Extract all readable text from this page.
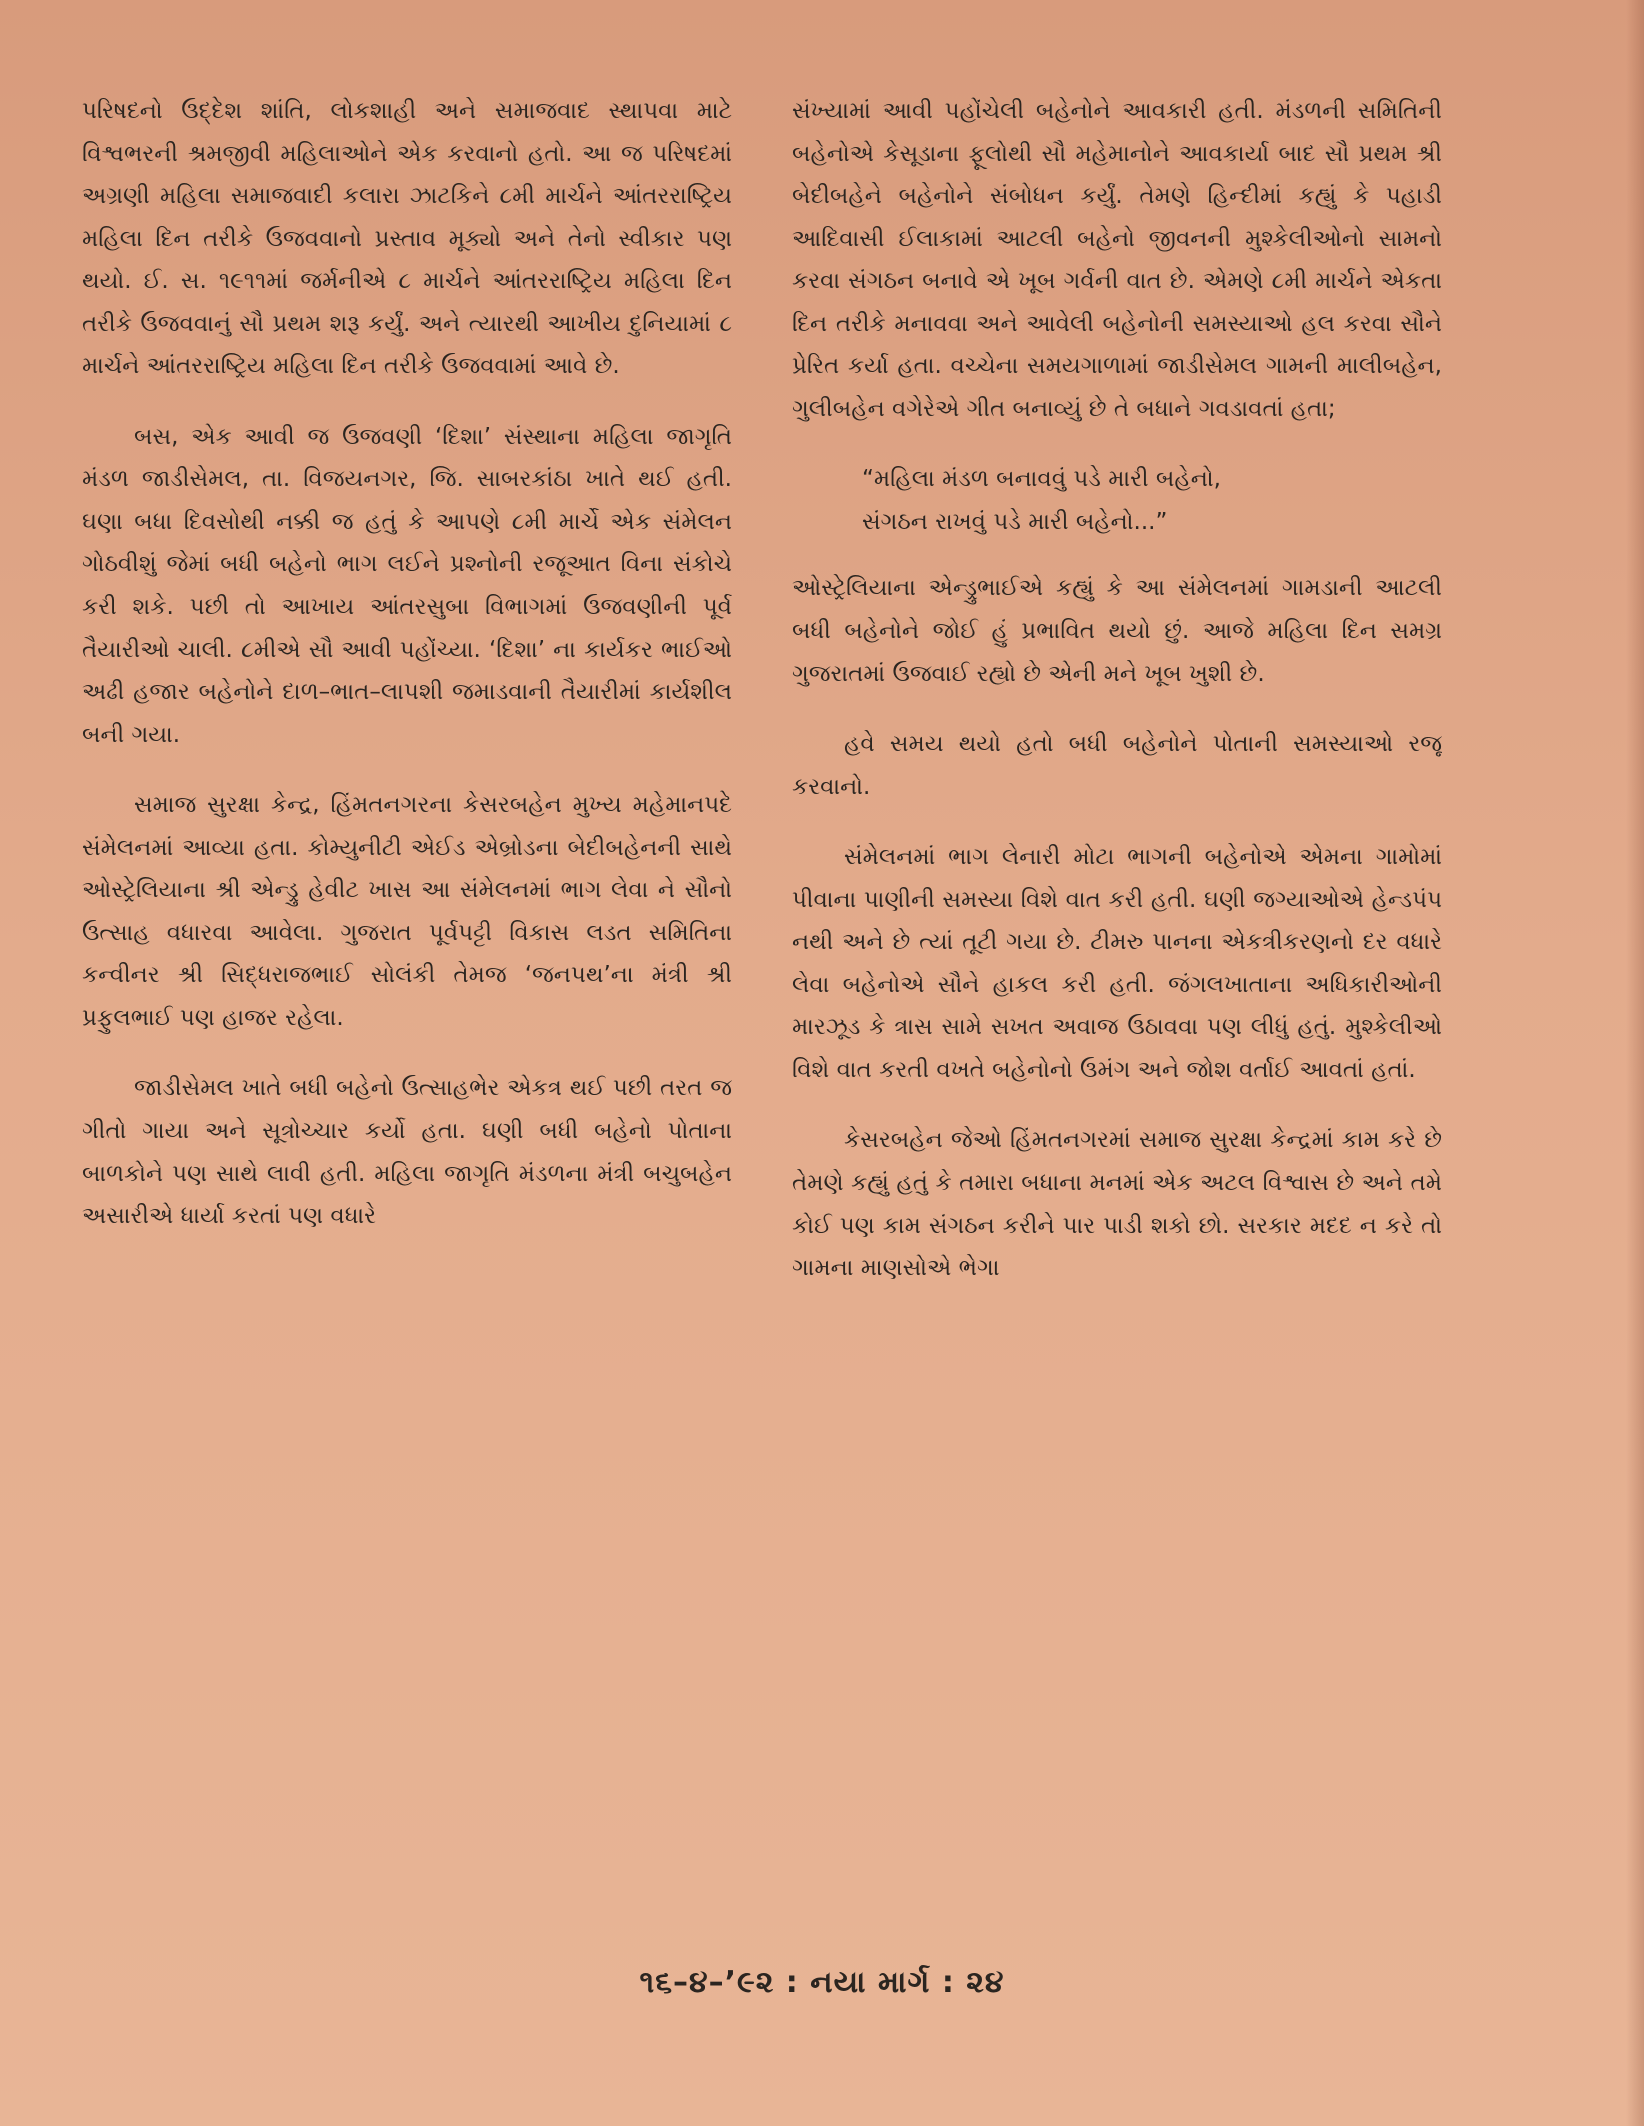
પરિષદનો ઉદ્દેશ શાંતિ, લોકશાહી અને સમાજવાદ સ્થાપવા માટે વિશ્વભરની શ્રમજીવી મહિલાઓને એક કરવાનો હતો. આ જ પરિષદમાં અગ્રણી મહિલા સમાજવાદી કલારા ઝાટકિને ૮મી માર્ચને આંતરરાષ્ટ્રિય મહિલા દિન તરીકે ઉજવવાનો પ્રસ્તાવ મૂક્યો અને તેનો સ્વીકાર પણ થયો. ઈ. સ. ૧૯૧૧માં જર્મનીએ ૮ માર્ચને આંતરરાષ્ટ્રિય મહિલા દિન તરીકે ઉજવવાનું સૌ પ્રથમ શરૂ કર્યું. અને ત્યારથી આખીય દુનિયામાં ૮ માર્ચને આંતરરાષ્ટ્રિય મહિલા દિન તરીકે ઉજવવામાં આવે છે.

બસ, એક આવી જ ઉજવણી ‘દિશા’ સંસ્થાના મહિલા જાગૃતિ મંડળ જાડીસેમલ, તા. વિજયનગર, જિ. સાબરકાંઠા ખાતે થઈ હતી. ઘણા બધા દિવસોથી નક્કી જ હતું કે આપણે ૮મી માર્ચે એક સંમેલન ગોઠવીશું જેમાં બધી બહેનો ભાગ લઈને પ્રશ્નોની રજૂઆત વિના સંકોચે કરી શકે. પછી તો આખાય આંતરસુબા વિભાગમાં ઉજવણીની પૂર્વ તૈયારીઓ ચાલી. ૮મીએ સૌ આવી પહોંચ્યા. ‘દિશા’ ના કાર્યકર ભાઈઓ અઢી હજાર બહેનોને દાળ–ભાત–લાપશી જમાડવાની તૈયારીમાં કાર્યશીલ બની ગયા.

સમાજ સુરક્ષા કેન્દ્ર, હિંમતનગરના કેસરબહેન મુખ્ય મહેમાનપદે સંમેલનમાં આવ્યા હતા. કોમ્યુનીટી એઈડ એબ્રોડના બેદીબહેનની સાથે ઓસ્ટ્રેલિયાના શ્રી એન્ડ્રુ હેવીટ ખાસ આ સંમેલનમાં ભાગ લેવા ને સૌનો ઉત્સાહ વધારવા આવેલા. ગુજરાત પૂર્વપટ્ટી વિકાસ લડત સમિતિના કન્વીનર શ્રી સિદ્ધરાજભાઈ સોલંકી તેમજ ‘જનપથ’ના મંત્રી શ્રી પ્રફુલભાઈ પણ હાજર રહેલા.

જાડીસેમલ ખાતે બધી બહેનો ઉત્સાહભેર એકત્ર થઈ પછી તરત જ ગીતો ગાયા અને સૂત્રોચ્ચાર કર્યો હતા. ઘણી બધી બહેનો પોતાના બાળકોને પણ સાથે લાવી હતી. મહિલા જાગૃતિ મંડળના મંત્રી બચુબહેન અસારીએ ધાર્યા કરતાં પણ વધારે

સંખ્યામાં આવી પહોંચેલી બહેનોને આવકારી હતી. મંડળની સમિતિની બહેનોએ કેસૂડાના ફૂલોથી સૌ મહેમાનોને આવકાર્યા બાદ સૌ પ્રથમ શ્રી બેદીબહેને બહેનોને સંબોધન કર્યું. તેમણે હિન્દીમાં કહ્યું કે પહાડી આદિવાસી ઈલાકામાં આટલી બહેનો જીવનની મુશ્કેલીઓનો સામનો કરવા સંગઠન બનાવે એ ખૂબ ગર્વની વાત છે. એમણે ૮મી માર્ચને એકતા દિન તરીકે મનાવવા અને આવેલી બહેનોની સમસ્યાઓ હલ કરવા સૌને પ્રેરિત કર્યા હતા. વચ્ચેના સમયગાળામાં જાડીસેમલ ગામની માલીબહેન, ગુલીબહેન વગેરેએ ગીત બનાવ્યું છે તે બધાને ગવડાવતાં હતા;

“મહિલા મંડળ બનાવવું પડે મારી બહેનો,
સંગઠન રાખવું પડે મારી બહેનો...”

ઓસ્ટ્રેલિયાના એન્ડ્રુભાઈએ કહ્યું કે આ સંમેલનમાં ગામડાની આટલી બધી બહેનોને જોઈ હું પ્રભાવિત થયો છું. આજે મહિલા દિન સમગ્ર ગુજરાતમાં ઉજવાઈ રહ્યો છે એની મને ખૂબ ખુશી છે.

હવે સમય થયો હતો બધી બહેનોને પોતાની સમસ્યાઓ રજૂ કરવાનો.

સંમેલનમાં ભાગ લેનારી મોટા ભાગની બહેનોએ એમના ગામોમાં પીવાના પાણીની સમસ્યા વિશે વાત કરી હતી. ઘણી જગ્યાઓએ હેન્ડપંપ નથી અને છે ત્યાં તૂટી ગયા છે. ટીમરુ પાનના એકત્રીકરણનો દર વધારે લેવા બહેનોએ સૌને હાકલ કરી હતી. જંગલખાતાના અધિકારીઓની મારઝૂડ કે ત્રાસ સામે સખત અવાજ ઉઠાવવા પણ લીધું હતું. મુશ્કેલીઓ વિશે વાત કરતી વખતે બહેનોનો ઉમંગ અને જોશ વર્તાઈ આવતાં હતાં.

કેસરબહેન જેઓ હિંમતનગરમાં સમાજ સુરક્ષા કેન્દ્રમાં કામ કરે છે તેમણે કહ્યું હતું કે તમારા બધાના મનમાં એક અટલ વિશ્વાસ છે અને તમે કોઈ પણ કામ સંગઠન કરીને પાર પાડી શકો છો. સરકાર મદદ ન કરે તો ગામના માણસોએ ભેગા

૧૬–૪–’૯૨ : નયા માર્ગ : ૨૪
